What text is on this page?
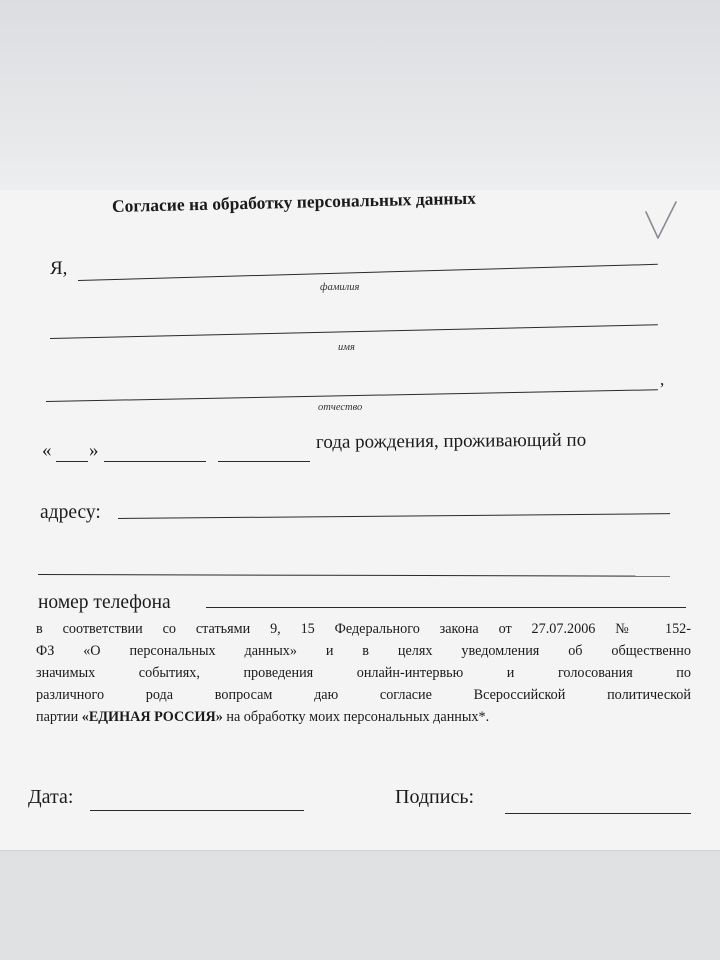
Согласие на обработку персональных данных
Я,
фамилия
имя
,
отчество
« »	года рождения, проживающий по
адресу:
номер телефона
в соответствии со статьями 9, 15 Федерального закона от 27.07.2006 № 152-
ФЗ «О персональных данных» и в целях уведомления об общественно
значимых событиях, проведения онлайн-интервью и голосования по
различного рода вопросам даю согласие Всероссийской политической
партии «ЕДИНАЯ РОССИЯ» на обработку моих персональных данных*.
Дата:	Подпись:
